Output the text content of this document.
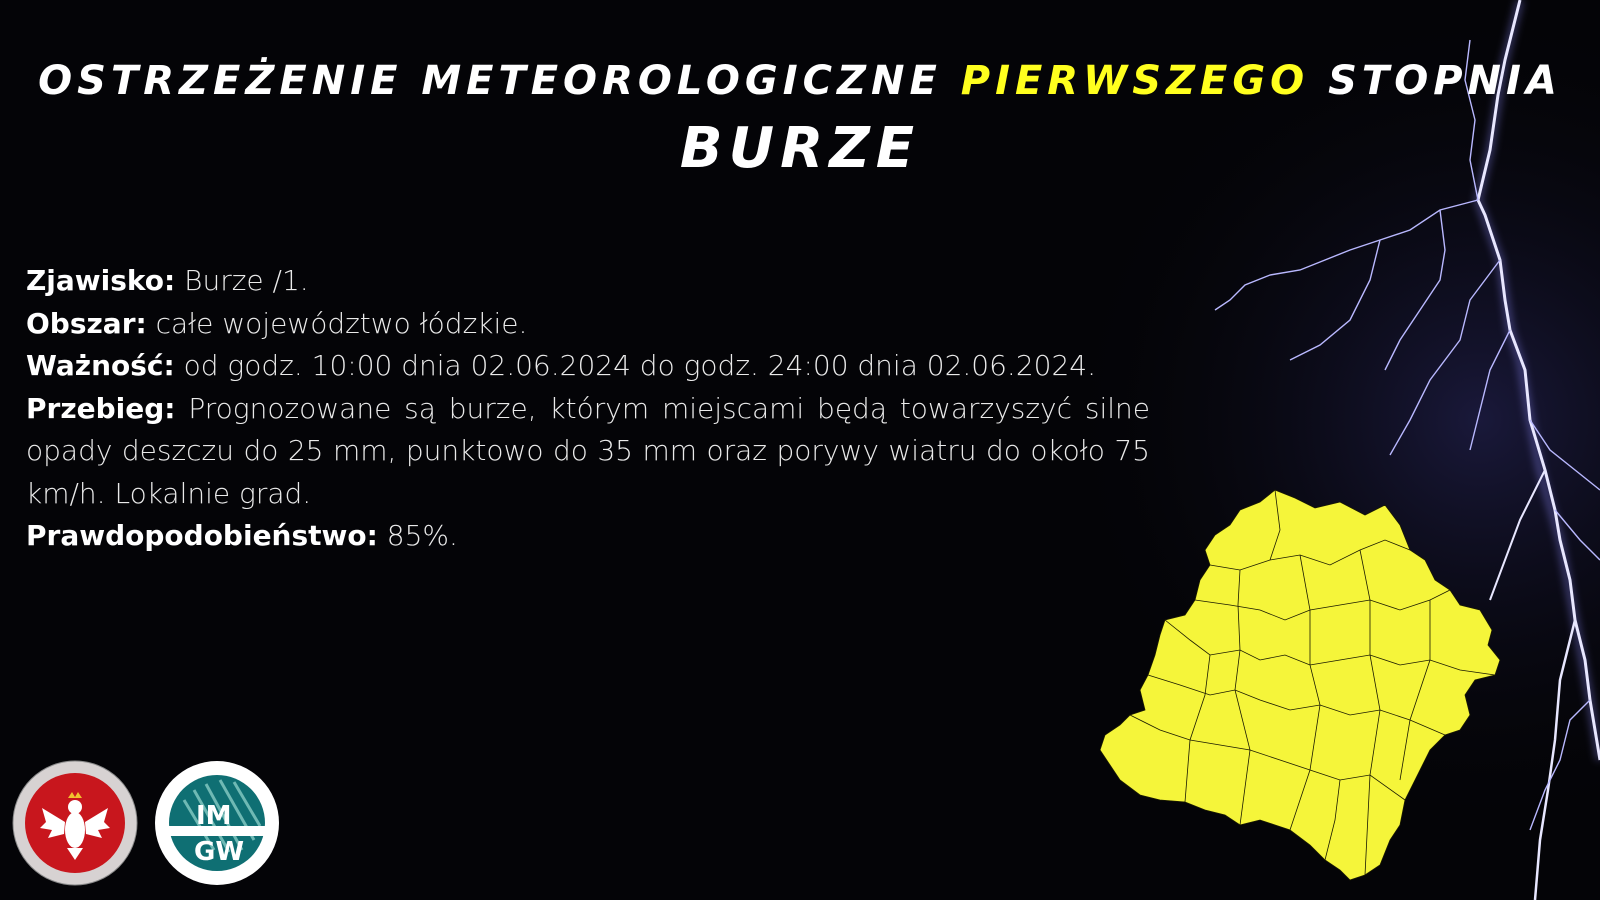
OSTRZEŻENIE METEOROLOGICZNE PIERWSZEGO STOPNIA
BURZE

Zjawisko: Burze /1.

Obszar: całe województwo łódzkie.

Ważność: od godz. 10:00 dnia 02.06.2024 do godz. 24:00 dnia 02.06.2024.

Przebieg: Prognozowane są burze, którym miejscami będą towarzyszyć silne opady deszczu do 25 mm, punktowo do 35 mm oraz porywy wiatru do około 75 km/h. Lokalnie grad.

Prawdopodobieństwo: 85%.

IM
GW
